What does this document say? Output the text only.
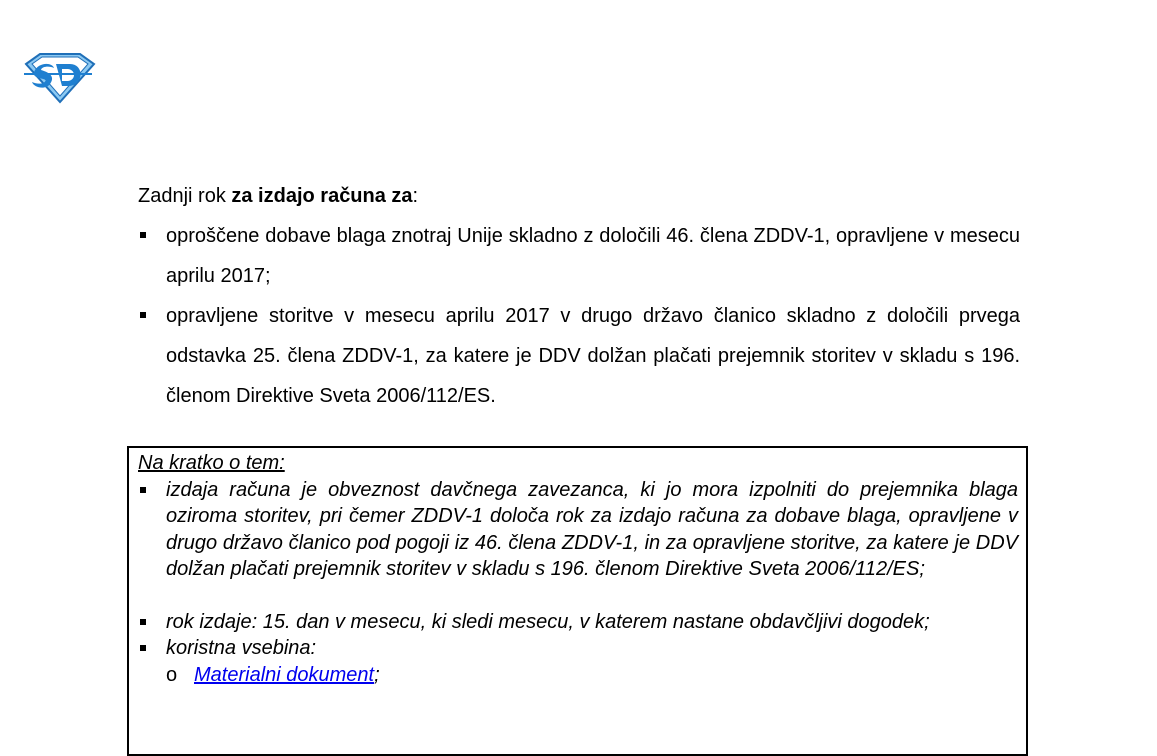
Zadnji rok za izdajo računa za:

oproščene dobave blaga znotraj Unije skladno z določili 46. člena ZDDV-1, opravljene v mesecu aprilu 2017;
opravljene storitve v mesecu aprilu 2017 v drugo državo članico skladno z določili prvega odstavka 25. člena ZDDV-1, za katere je DDV dolžan plačati prejemnik storitev v skladu s 196. členom Direktive Sveta 2006/112/ES.

Na kratko o tem:

izdaja računa je obveznost davčnega zavezanca, ki jo mora izpolniti do prejemnika blaga oziroma storitev, pri čemer ZDDV-1 določa rok za izdajo računa za dobave blaga, opravljene v drugo državo članico pod pogoji iz 46. člena ZDDV-1, in za opravljene storitve, za katere je DDV dolžan plačati prejemnik storitev v skladu s 196. členom Direktive Sveta 2006/112/ES;
rok izdaje: 15. dan v mesecu, ki sledi mesecu, v katerem nastane obdavčljivi dogodek;
koristna vsebina:
o Materialni dokument;
